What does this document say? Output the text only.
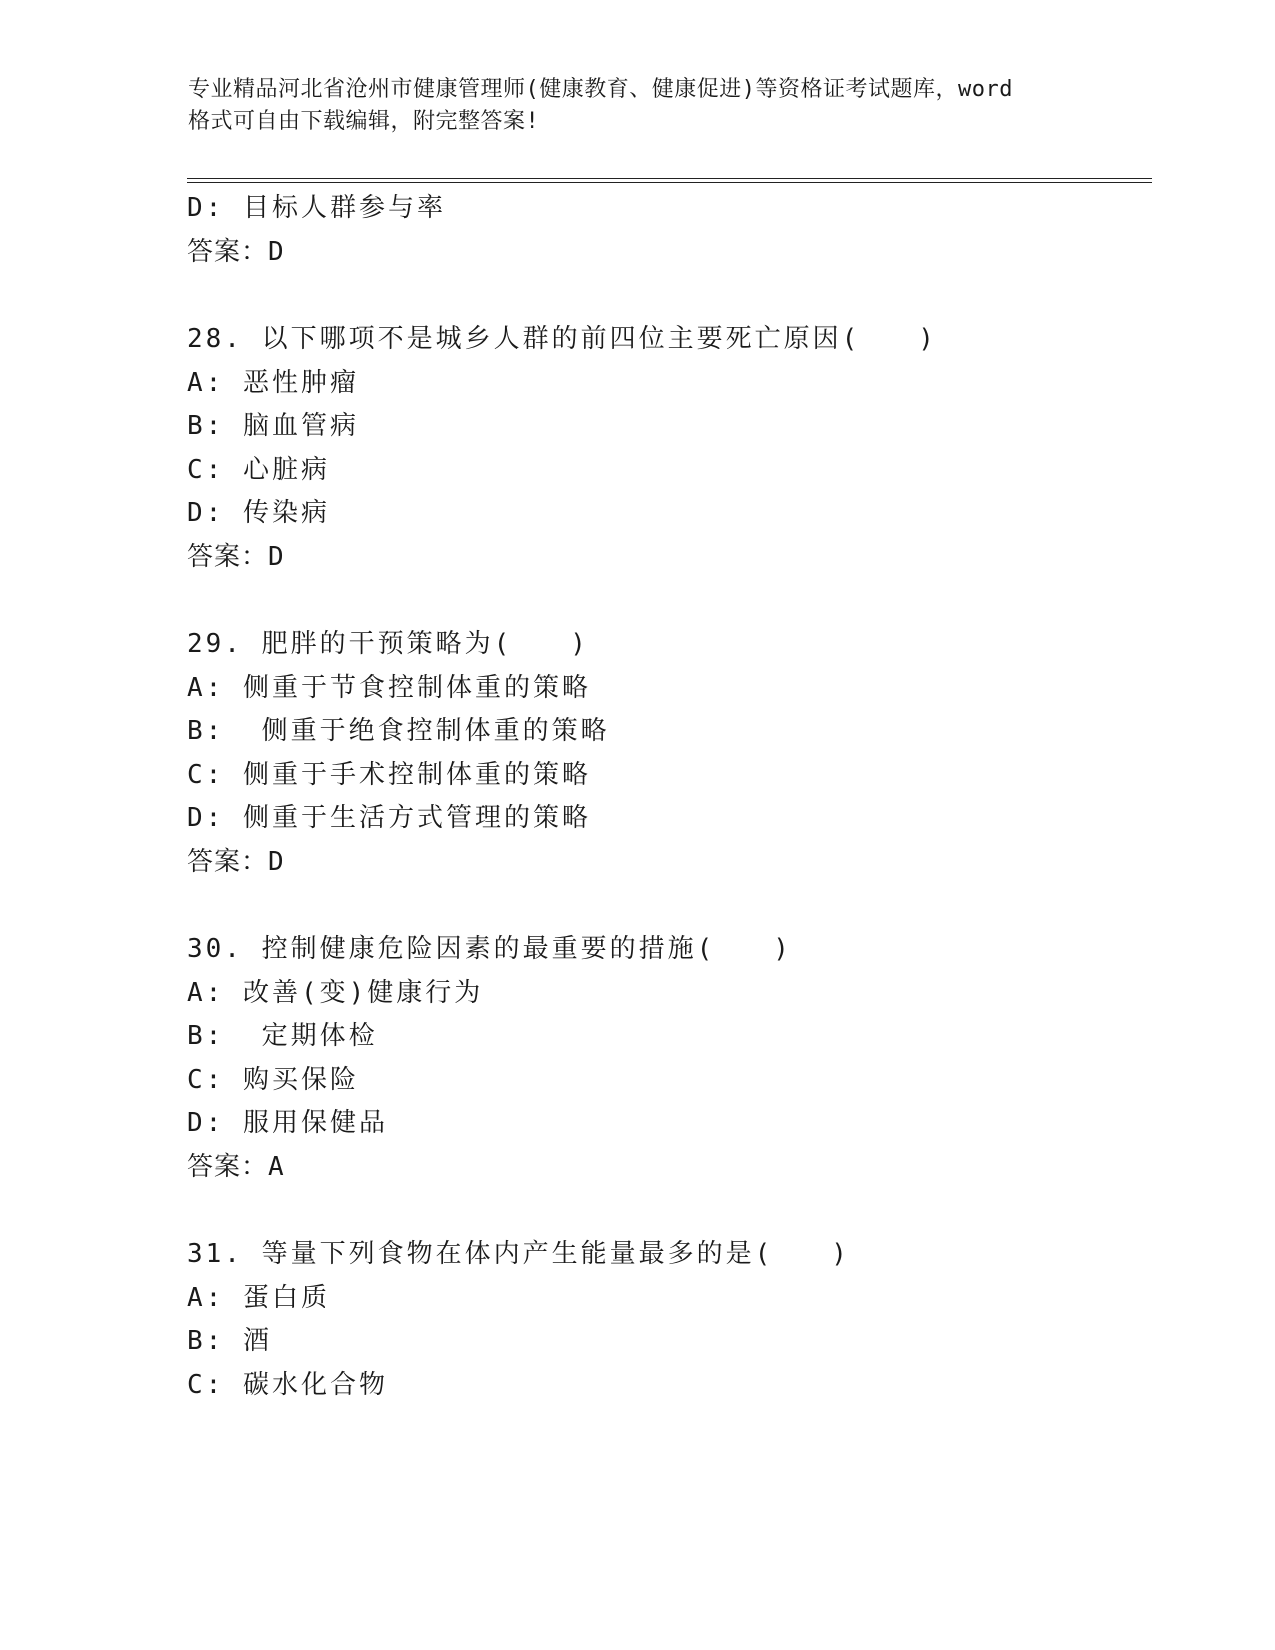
专业精品河北省沧州市健康管理师(健康教育、健康促进)等资格证考试题库，word
格式可自由下载编辑，附完整答案!
D: 目标人群参与率
答案：D
28. 以下哪项不是城乡人群的前四位主要死亡原因(　　)
A: 恶性肿瘤
B: 脑血管病
C: 心脏病
D: 传染病
答案：D
29. 肥胖的干预策略为(　　)
A: 侧重于节食控制体重的策略
B:  侧重于绝食控制体重的策略
C: 侧重于手术控制体重的策略
D: 侧重于生活方式管理的策略
答案：D
30. 控制健康危险因素的最重要的措施(　　)
A: 改善(变)健康行为
B:  定期体检
C: 购买保险
D: 服用保健品
答案：A
31. 等量下列食物在体内产生能量最多的是(　　)
A: 蛋白质
B: 酒
C: 碳水化合物
